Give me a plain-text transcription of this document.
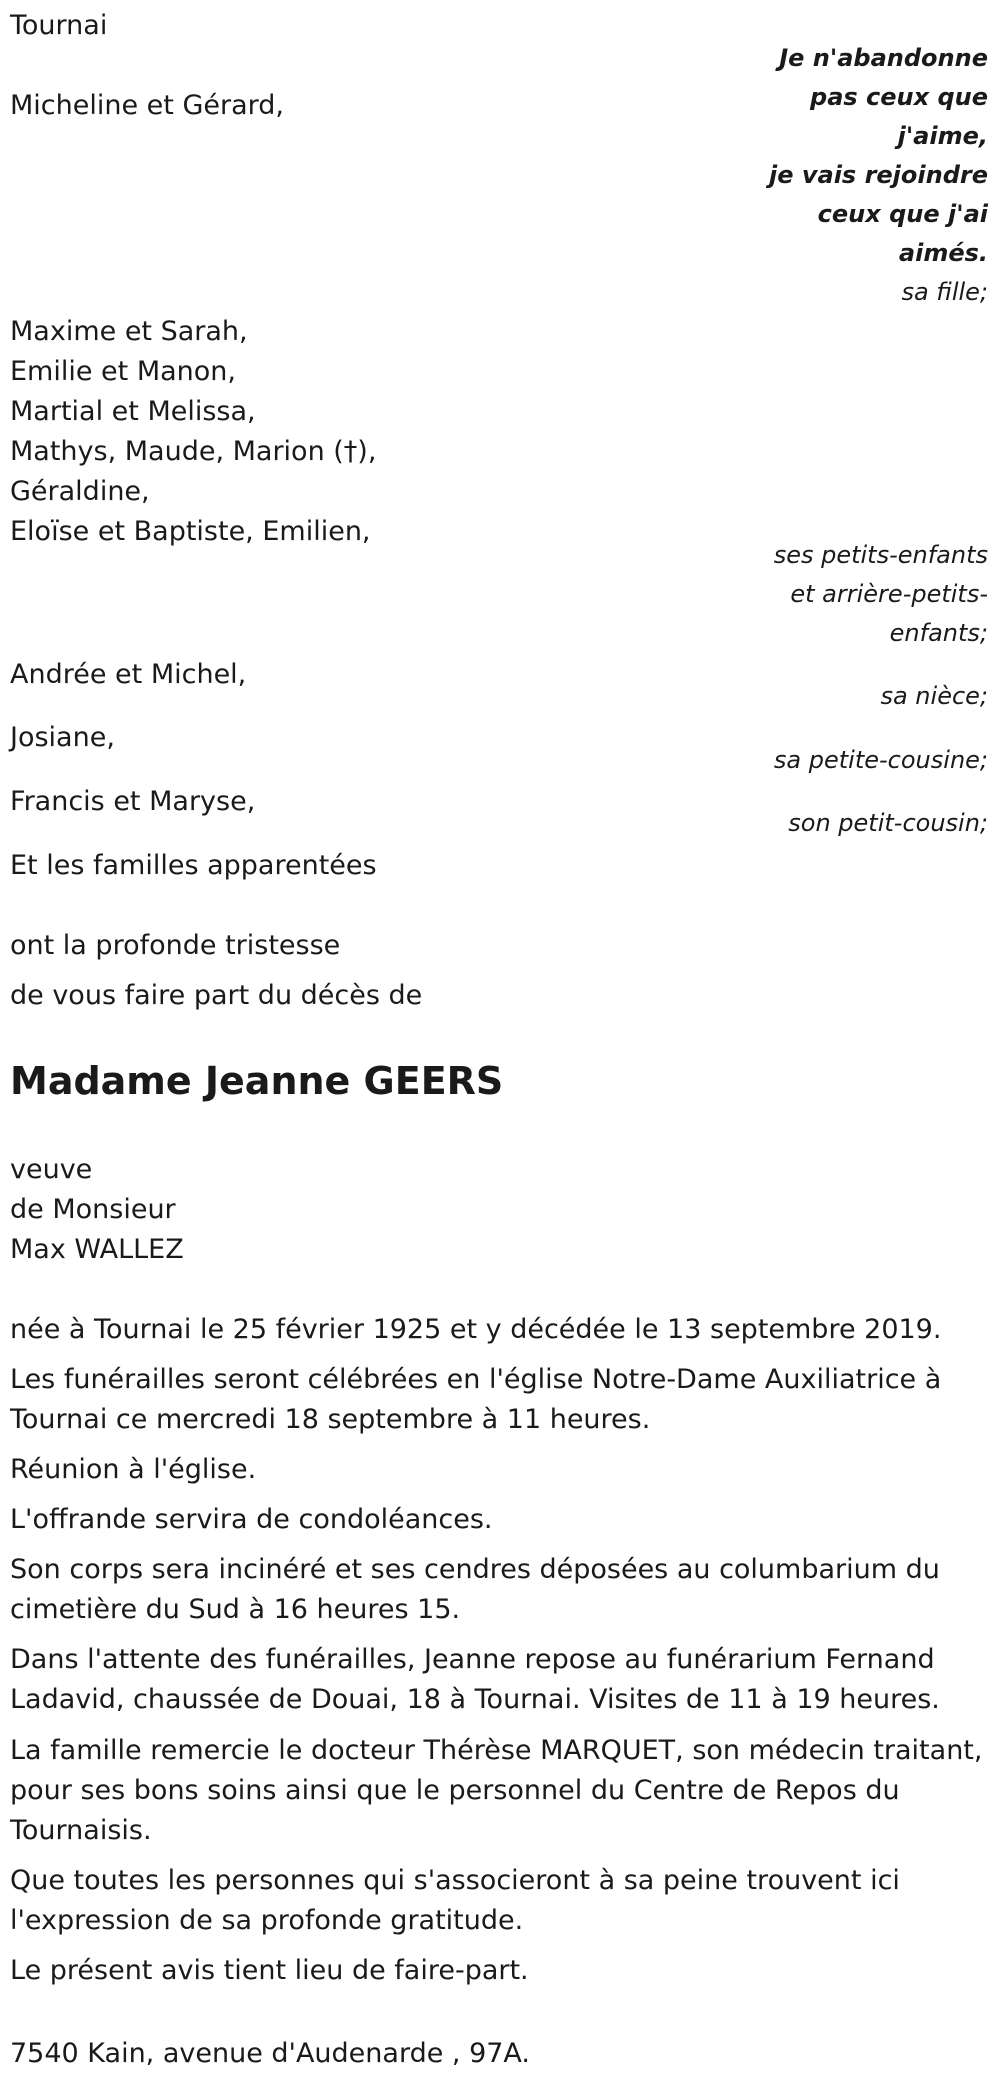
Tournai
Je n'abandonne
pas ceux que
j'aime,
je vais rejoindre
ceux que j'ai
aimés.
Micheline et Gérard,
sa fille;
Maxime et Sarah,
Emilie et Manon,
Martial et Melissa,
Mathys, Maude, Marion (†),
Géraldine,
Eloïse et Baptiste, Emilien,
ses petits-enfants
et arrière-petits-
enfants;
Andrée et Michel,
sa nièce;
Josiane,
sa petite-cousine;
Francis et Maryse,
son petit-cousin;
Et les familles apparentées
ont la profonde tristesse
de vous faire part du décès de
Madame Jeanne GEERS
veuve
de Monsieur
Max WALLEZ
née à Tournai le 25 février 1925 et y décédée le 13 septembre 2019.
Les funérailles seront célébrées en l'église Notre-Dame Auxiliatrice à Tournai ce mercredi 18 septembre à 11 heures.
Réunion à l'église.
L'offrande servira de condoléances.
Son corps sera inciné​ré et ses cendres déposées au columbarium du cimetière du Sud à 16 heures 15.
Dans l'attente des funérailles, Jeanne repose au funérarium Fernand Ladavid, chaussée de Douai, 18 à Tournai. Visites de 11 à 19 heures.
La famille remercie le docteur Thérèse MARQUET, son médecin traitant, pour ses bons soins ainsi que le personnel du Centre de Repos du Tournaisis.
Que toutes les personnes qui s'associeront à sa peine trouvent ici l'expression de sa profonde gratitude.
Le présent avis tient lieu de faire-part.
7540 Kain, avenue d'Audenarde , 97A.
